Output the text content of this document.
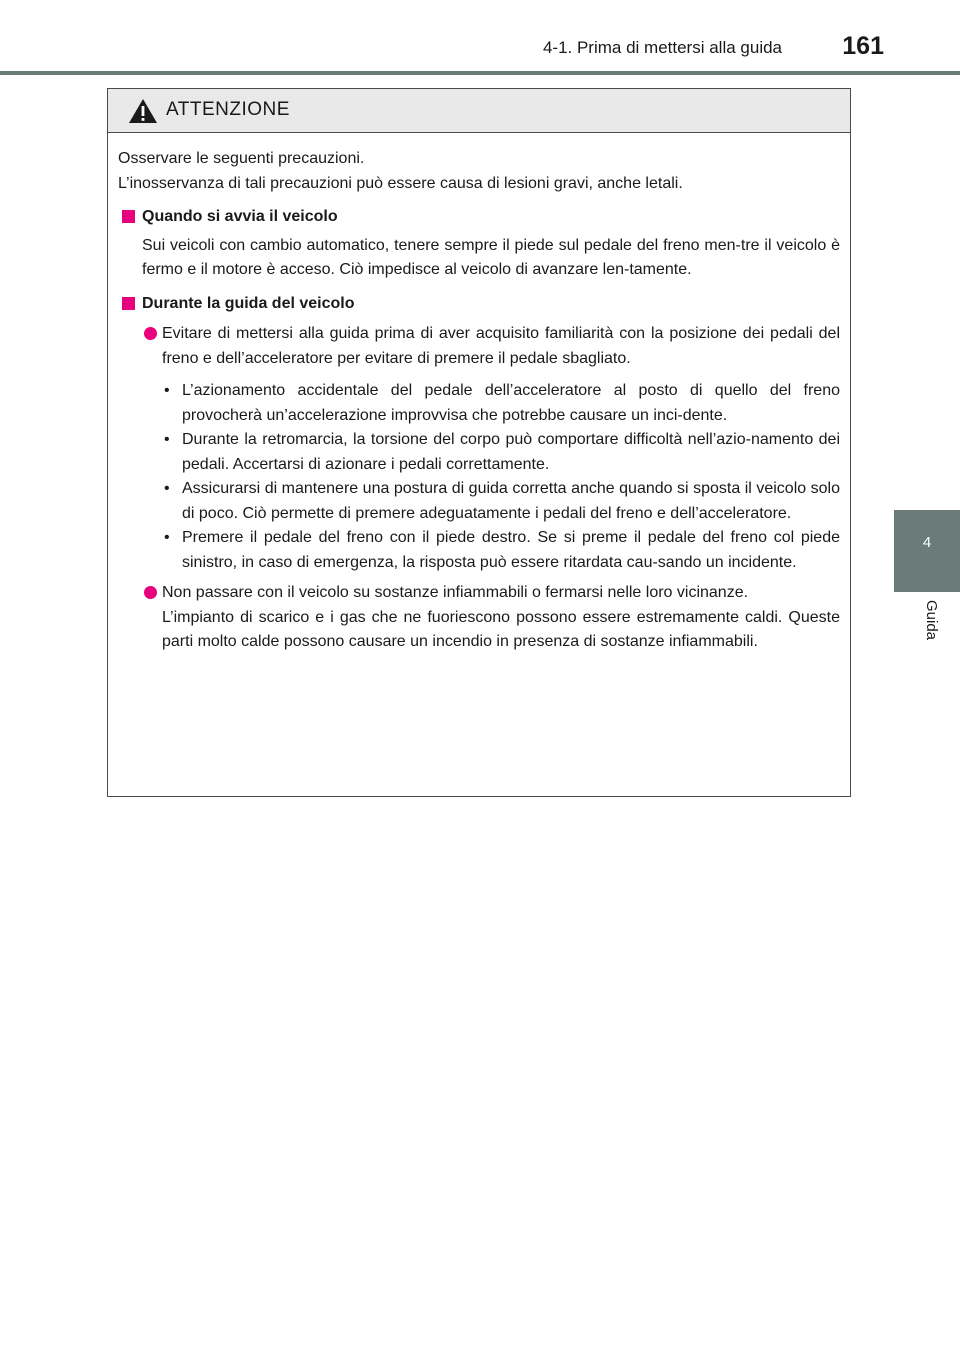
4-1. Prima di mettersi alla guida 161
4
Guida
ATTENZIONE

Osservare le seguenti precauzioni.

L’inosservanza di tali precauzioni può essere causa di lesioni gravi, anche letali.

Quando si avvia il veicolo

Sui veicoli con cambio automatico, tenere sempre il piede sul pedale del freno men-tre il veicolo è fermo e il motore è acceso. Ciò impedisce al veicolo di avanzare len-tamente.

Durante la guida del veicolo

Evitare di mettersi alla guida prima di aver acquisito familiarità con la posizione dei pedali del freno e dell’acceleratore per evitare di premere il pedale sbagliato.

• L’azionamento accidentale del pedale dell’acceleratore al posto di quello del freno provocherà un’accelerazione improvvisa che potrebbe causare un inci-dente.
• Durante la retromarcia, la torsione del corpo può comportare difficoltà nell’azio-namento dei pedali. Accertarsi di azionare i pedali correttamente.
• Assicurarsi di mantenere una postura di guida corretta anche quando si sposta il veicolo solo di poco. Ciò permette di premere adeguatamente i pedali del freno e dell’acceleratore.
• Premere il pedale del freno con il piede destro. Se si preme il pedale del freno col piede sinistro, in caso di emergenza, la risposta può essere ritardata cau-sando un incidente.

Non passare con il veicolo su sostanze infiammabili o fermarsi nelle loro vicinanze.

L’impianto di scarico e i gas che ne fuoriescono possono essere estremamente caldi. Queste parti molto calde possono causare un incendio in presenza di sostanze infiammabili.
